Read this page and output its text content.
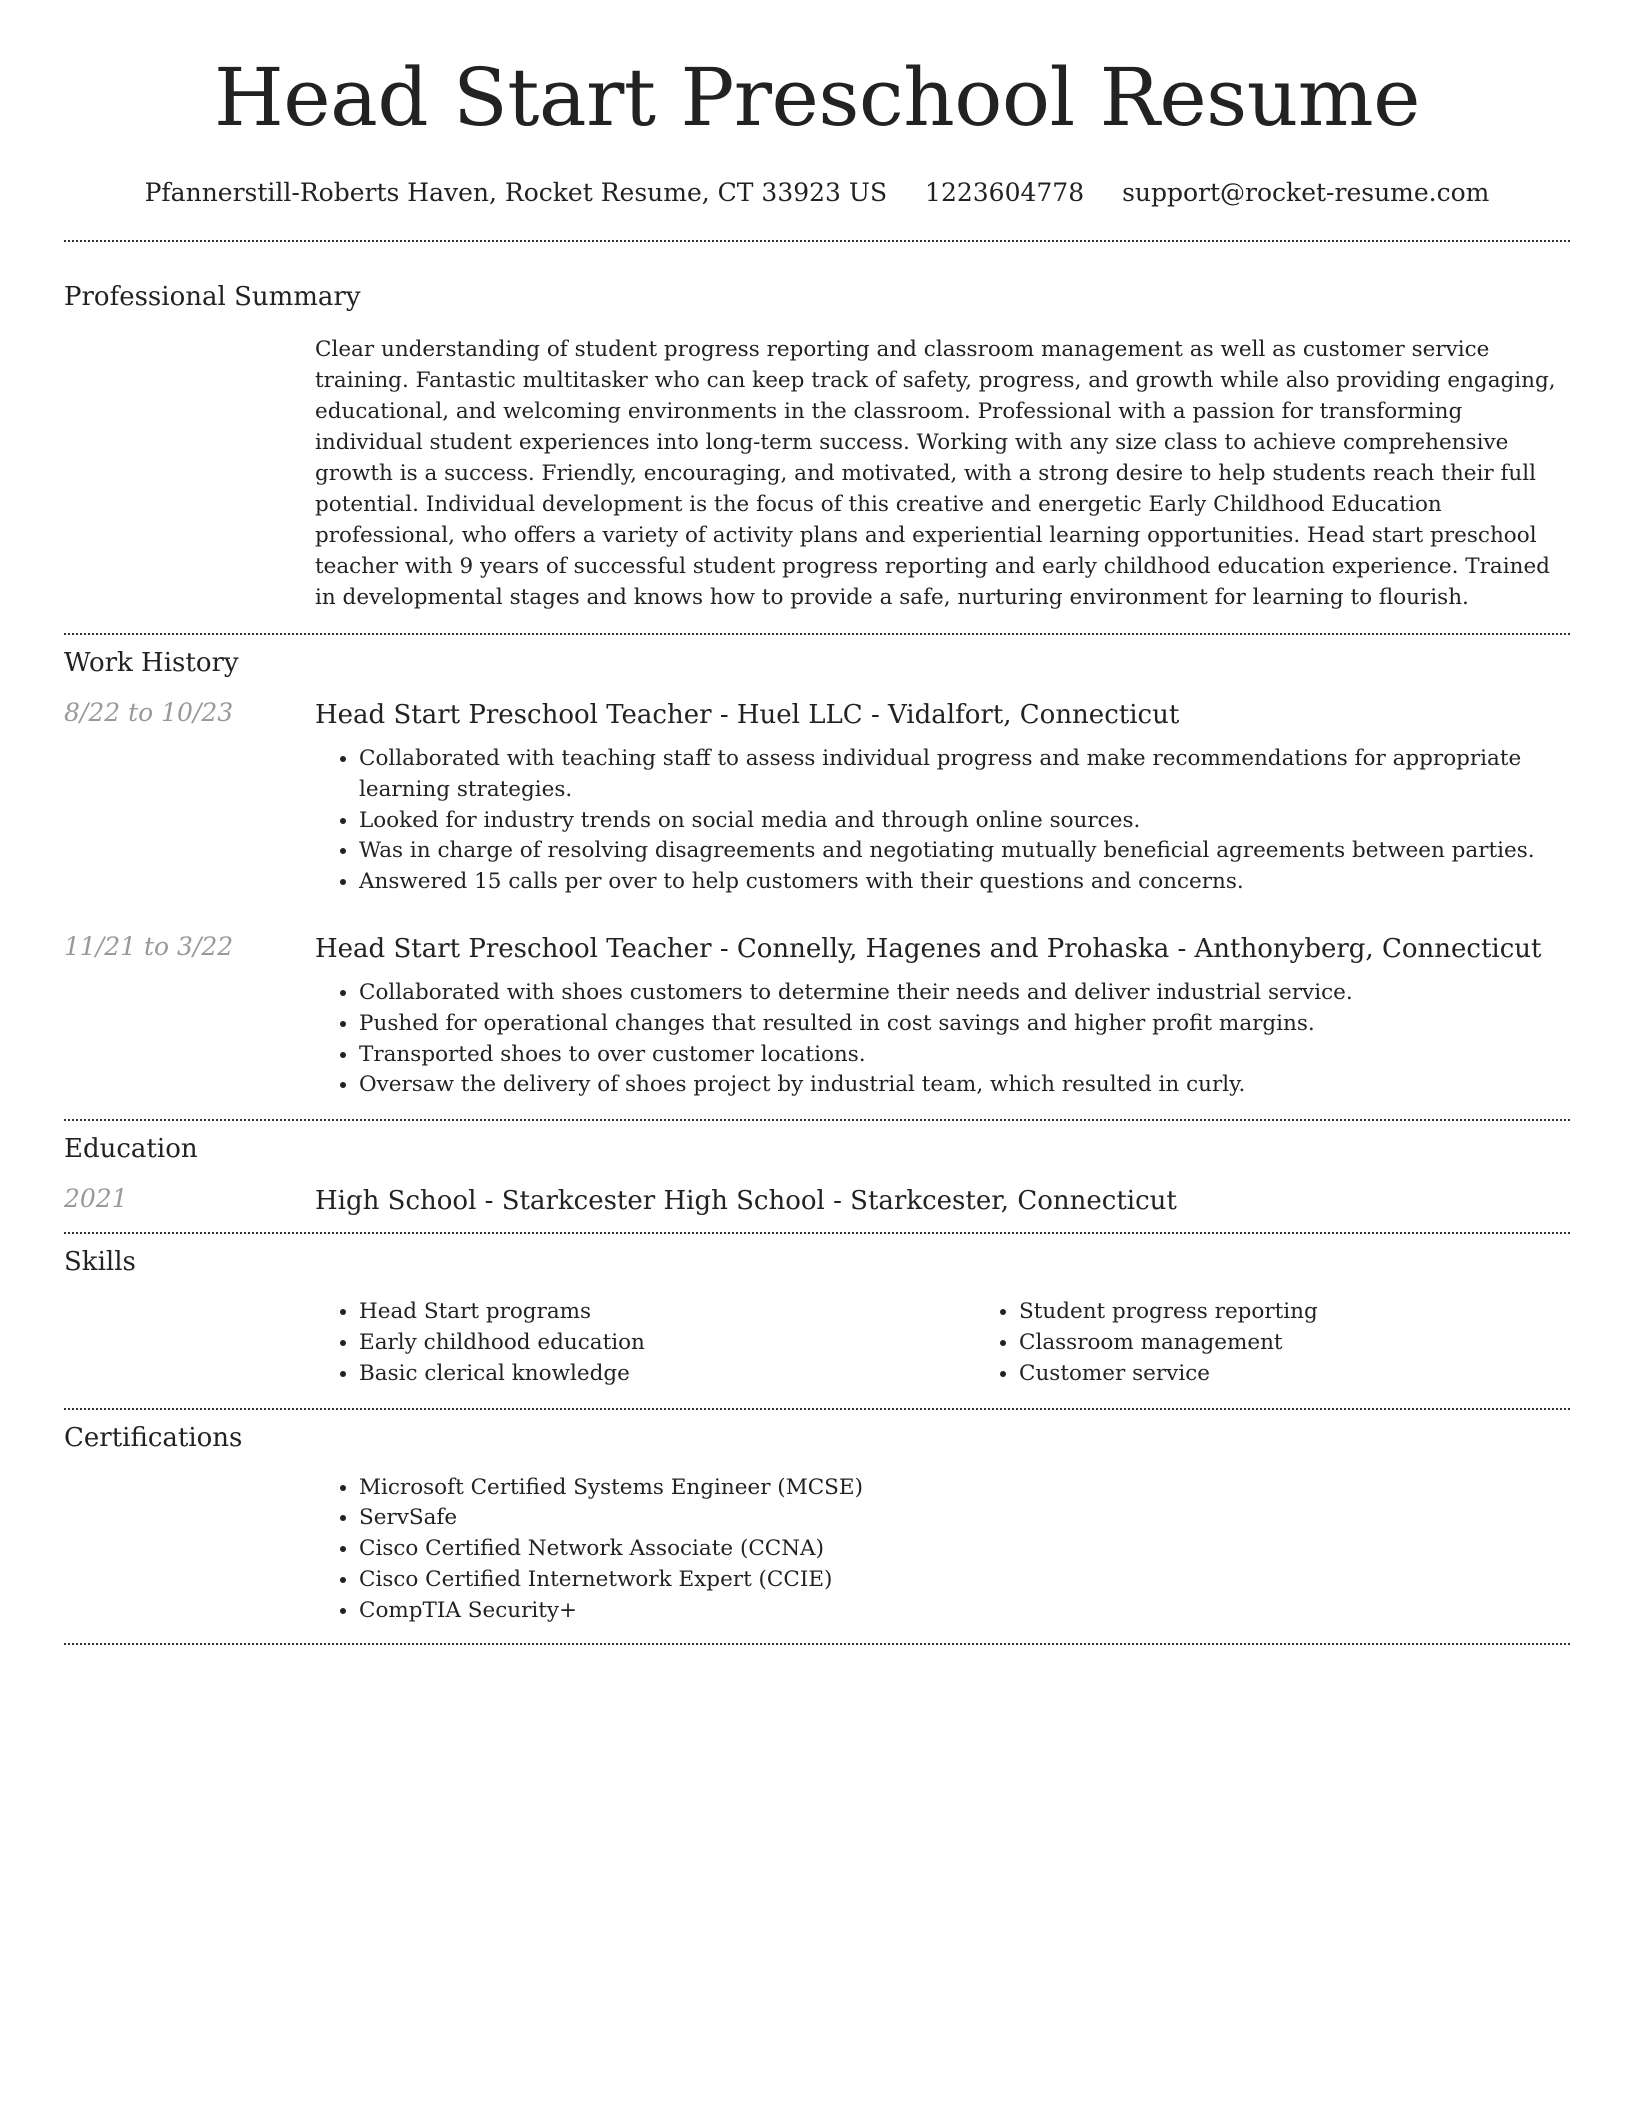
Head Start Preschool Resume
Pfannerstill-Roberts Haven, Rocket Resume, CT 33923 US 1223604778 support@rocket-resume.com
Professional Summary

Clear understanding of student progress reporting and classroom management as well as customer service training. Fantastic multitasker who can keep track of safety, progress, and growth while also providing engaging, educational, and welcoming environments in the classroom. Professional with a passion for transforming individual student experiences into long-term success. Working with any size class to achieve comprehensive growth is a success. Friendly, encouraging, and motivated, with a strong desire to help students reach their full potential. Individual development is the focus of this creative and energetic Early Childhood Education professional, who offers a variety of activity plans and experiential learning opportunities. Head start preschool teacher with 9 years of successful student progress reporting and early childhood education experience. Trained in developmental stages and knows how to provide a safe, nurturing environment for learning to flourish.

Work History
8/22 to 10/23	Head Start Preschool Teacher - Huel LLC - Vidalfort, Connecticut
• Collaborated with teaching staff to assess individual progress and make recommendations for appropriate learning strategies.
• Looked for industry trends on social media and through online sources.
• Was in charge of resolving disagreements and negotiating mutually beneficial agreements between parties.
• Answered 15 calls per over to help customers with their questions and concerns.
11/21 to 3/22	Head Start Preschool Teacher - Connelly, Hagenes and Prohaska - Anthonyberg, Connecticut
• Collaborated with shoes customers to determine their needs and deliver industrial service.
• Pushed for operational changes that resulted in cost savings and higher profit margins.
• Transported shoes to over customer locations.
• Oversaw the delivery of shoes project by industrial team, which resulted in curly.
Education
2021	High School - Starkcester High School - Starkcester, Connecticut
Skills
• Head Start programs
• Early childhood education
• Basic clerical knowledge
• Student progress reporting
• Classroom management
• Customer service
Certifications
• Microsoft Certified Systems Engineer (MCSE)
• ServSafe
• Cisco Certified Network Associate (CCNA)
• Cisco Certified Internetwork Expert (CCIE)
• CompTIA Security+
